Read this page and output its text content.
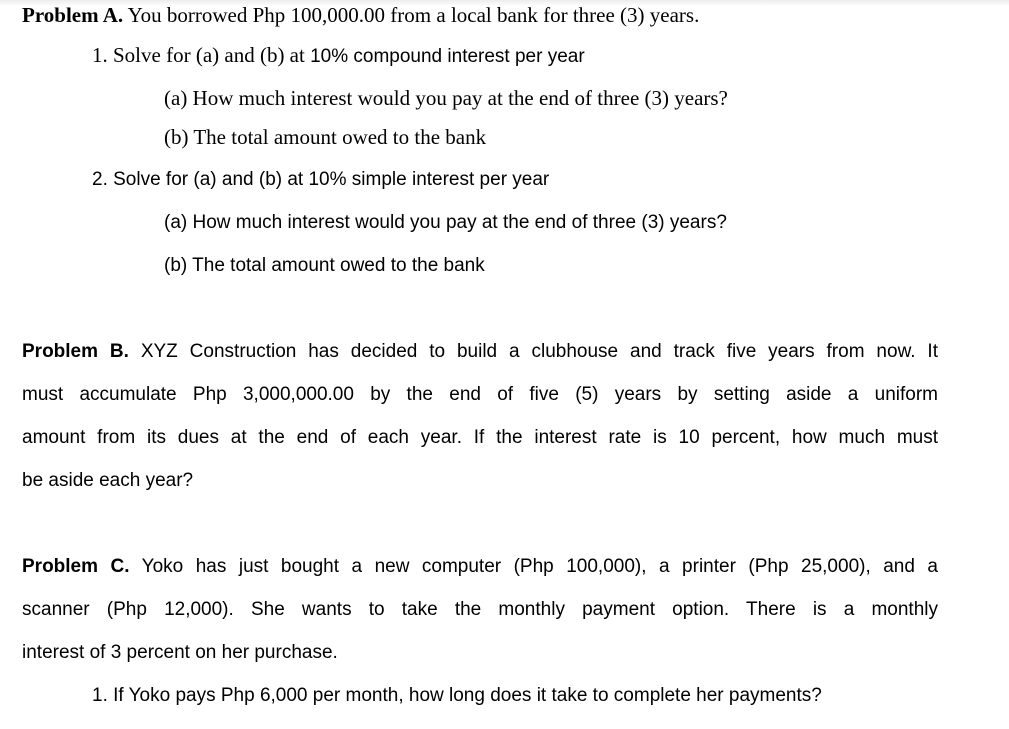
Problem A. You borrowed Php 100,000.00 from a local bank for three (3) years.
1. Solve for (a) and (b) at 10% compound interest per year
(a) How much interest would you pay at the end of three (3) years?
(b) The total amount owed to the bank
2. Solve for (a) and (b) at 10% simple interest per year
(a) How much interest would you pay at the end of three (3) years?
(b) The total amount owed to the bank
Problem B. XYZ Construction has decided to build a clubhouse and track five years from now. It
must accumulate Php 3,000,000.00 by the end of five (5) years by setting aside a uniform
amount from its dues at the end of each year. If the interest rate is 10 percent, how much must
be aside each year?
Problem C. Yoko has just bought a new computer (Php 100,000), a printer (Php 25,000), and a
scanner (Php 12,000). She wants to take the monthly payment option. There is a monthly
interest of 3 percent on her purchase.
1. If Yoko pays Php 6,000 per month, how long does it take to complete her payments?
